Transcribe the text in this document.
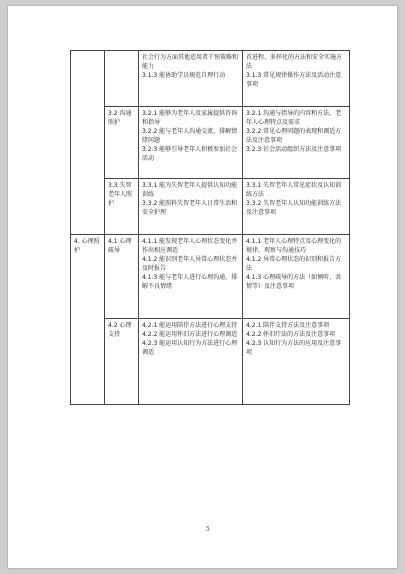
		社会行为方面其他适用者干预策略和能力
3.1.3 能协助学员规范自理行动	首进程、多样化的方法和安全实施方法
3.1.3 常见规律操作方法及活动注意事项

	3.2 沟通照护	3.2.1 能够为老年人及家属提供咨询和指导
3.2.2 能与老年人沟通交流，排解情绪问题
3.2.3 能够引导老年人积极参加社会活动	3.2.1 沟通与指导的内容和方法，老年人心理特点及需求
3.2.2 常见心理问题的表现和调适方法及注意事项
3.2.3 社会活动组织方法及注意事项

	3.3 失智老年人照护	3.3.1 能为失智老年人提供认知功能训练
3.3.2 能照料失智老年人日常生活和安全护理	3.3.1 失智老年人常见症状及认知训练方法
3.3.2 失智老年人认知功能训练方法及注意事项

4. 心理照护	4.1 心理疏导	4.1.1 能发现老年人心理状态变化并作出相应调适
4.1.2 能识别老年人异常心理状态并及时报告
4.1.3 能与老年人进行心理沟通，排解不良情绪	4.1.1 老年人心理特点及心理变化的规律，观察与沟通技巧
4.1.2 异常心理状态的识别和报告方法
4.1.3 心理疏导的方法（如倾听、共情等）及注意事项

	4.2 心理支持	4.2.1 能运用陪伴方法进行心理支持
4.2.2 能运用怀旧方法进行心理调适
4.2.3 能运用认知行为方法进行心理调适	4.2.1 陪伴支持方法及注意事项
4.2.2 怀旧疗法的方法及注意事项
4.2.3 认知行为方法的应用及注意事项
5
